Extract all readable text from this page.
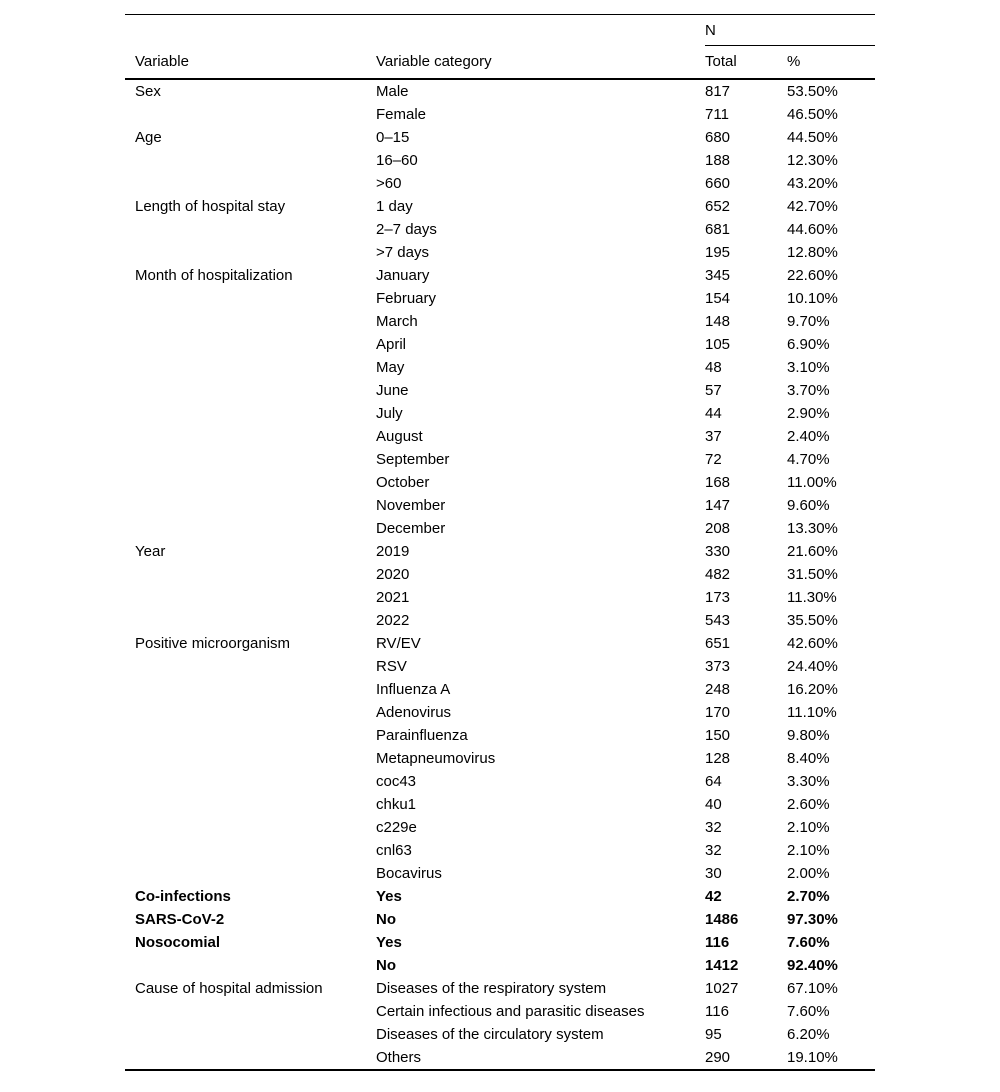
		N	
Variable	Variable category	Total	%
Sex	Male	817	53.50%
	Female	711	46.50%
Age	0–15	680	44.50%
	16–60	188	12.30%
	>60	660	43.20%
Length of hospital stay	1 day	652	42.70%
	2–7 days	681	44.60%
	>7 days	195	12.80%
Month of hospitalization	January	345	22.60%
	February	154	10.10%
	March	148	9.70%
	April	105	6.90%
	May	48	3.10%
	June	57	3.70%
	July	44	2.90%
	August	37	2.40%
	September	72	4.70%
	October	168	11.00%
	November	147	9.60%
	December	208	13.30%
Year	2019	330	21.60%
	2020	482	31.50%
	2021	173	11.30%
	2022	543	35.50%
Positive microorganism	RV/EV	651	42.60%
	RSV	373	24.40%
	Influenza A	248	16.20%
	Adenovirus	170	11.10%
	Parainfluenza	150	9.80%
	Metapneumovirus	128	8.40%
	coc43	64	3.30%
	chku1	40	2.60%
	c229e	32	2.10%
	cnl63	32	2.10%
	Bocavirus	30	2.00%
Co-infections	Yes	42	2.70%
SARS-CoV-2	No	1486	97.30%
Nosocomial	Yes	116	7.60%
	No	1412	92.40%
Cause of hospital admission	Diseases of the respiratory system	1027	67.10%
	Certain infectious and parasitic diseases	116	7.60%
	Diseases of the circulatory system	95	6.20%
	Others	290	19.10%
